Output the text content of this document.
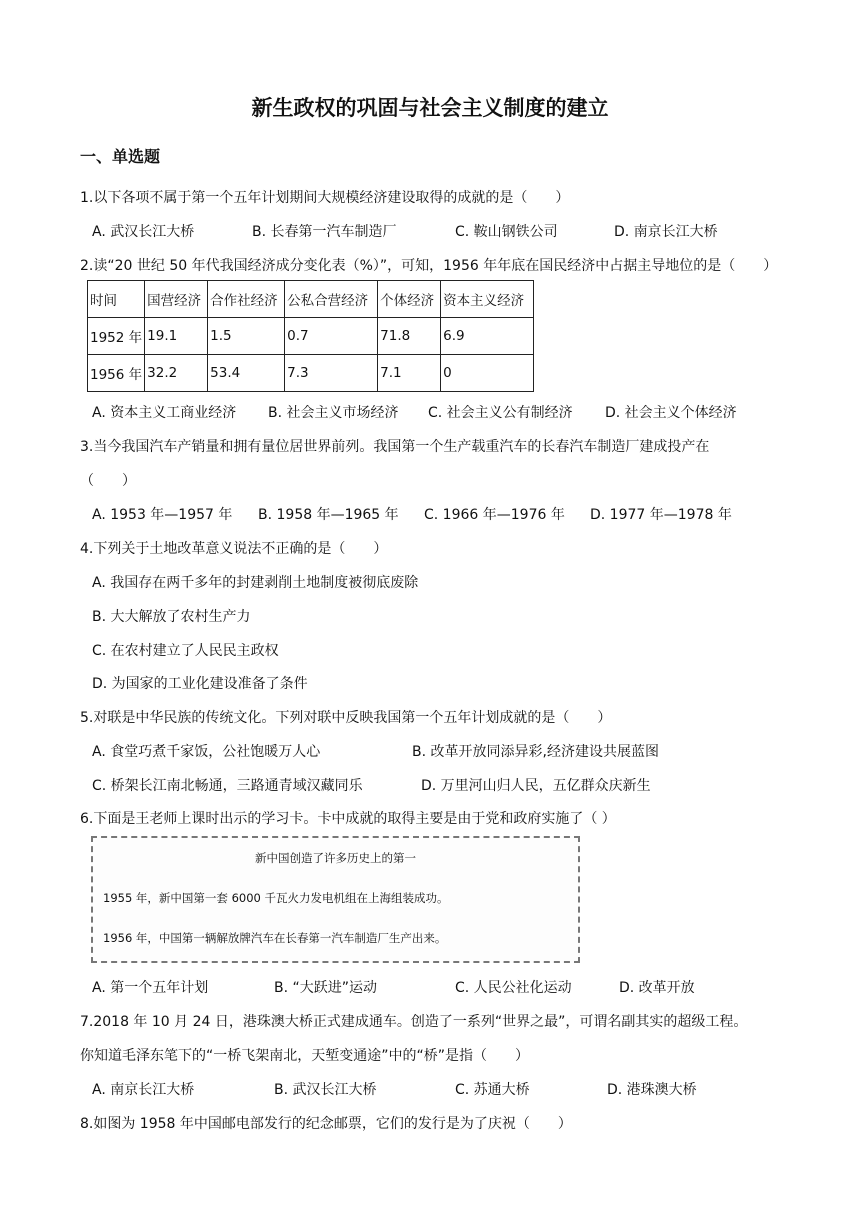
新生政权的巩固与社会主义制度的建立
一、单选题
1.以下各项不属于第一个五年计划期间大规模经济建设取得的成就的是（　　）
A. 武汉长江大桥	B. 长春第一汽车制造厂	C. 鞍山钢铁公司	D. 南京长江大桥
2.读“20 世纪 50 年代我国经济成分变化表（%）”，可知，1956 年年底在国民经济中占据主导地位的是（　　）
时间	国营经济	合作社经济	公私合营经济	个体经济	资本主义经济
1952 年	19.1	1.5	0.7	71.8	6.9
1956 年	32.2	53.4	7.3	7.1	0
A. 资本主义工商业经济 B. 社会主义市场经济 C. 社会主义公有制经济 D. 社会主义个体经济
3.当今我国汽车产销量和拥有量位居世界前列。我国第一个生产载重汽车的长春汽车制造厂建成投产在
（　　）
A. 1953 年—1957 年 B. 1958 年—1965 年 C. 1966 年—1976 年 D. 1977 年—1978 年
4.下列关于土地改革意义说法不正确的是（　　）
A. 我国存在两千多年的封建剥削土地制度被彻底废除
B. 大大解放了农村生产力
C. 在农村建立了人民民主政权
D. 为国家的工业化建设准备了条件
5.对联是中华民族的传统文化。下列对联中反映我国第一个五年计划成就的是（　　）
A. 食堂巧煮千家饭，公社饱暖万人心	B. 改革开放同添异彩,经济建设共展蓝图
C. 桥架长江南北畅通，三路通青域汉藏同乐	D. 万里河山归人民，五亿群众庆新生
6.下面是王老师上课时出示的学习卡。卡中成就的取得主要是由于党和政府实施了（ ）
新中国创造了许多历史上的第一
1955 年，新中国第一套 6000 千瓦火力发电机组在上海组装成功。
1956 年，中国第一辆解放牌汽车在长春第一汽车制造厂生产出来。
A. 第一个五年计划	B. “大跃进”运动	C. 人民公社化运动	D. 改革开放
7.2018 年 10 月 24 日，港珠澳大桥正式建成通车。创造了一系列“世界之最”，可谓名副其实的超级工程。
你知道毛泽东笔下的“一桥飞架南北，天堑变通途”中的“桥”是指（　　）
A. 南京长江大桥	B. 武汉长江大桥	C. 苏通大桥	D. 港珠澳大桥
8.如图为 1958 年中国邮电部发行的纪念邮票，它们的发行是为了庆祝（　　）
